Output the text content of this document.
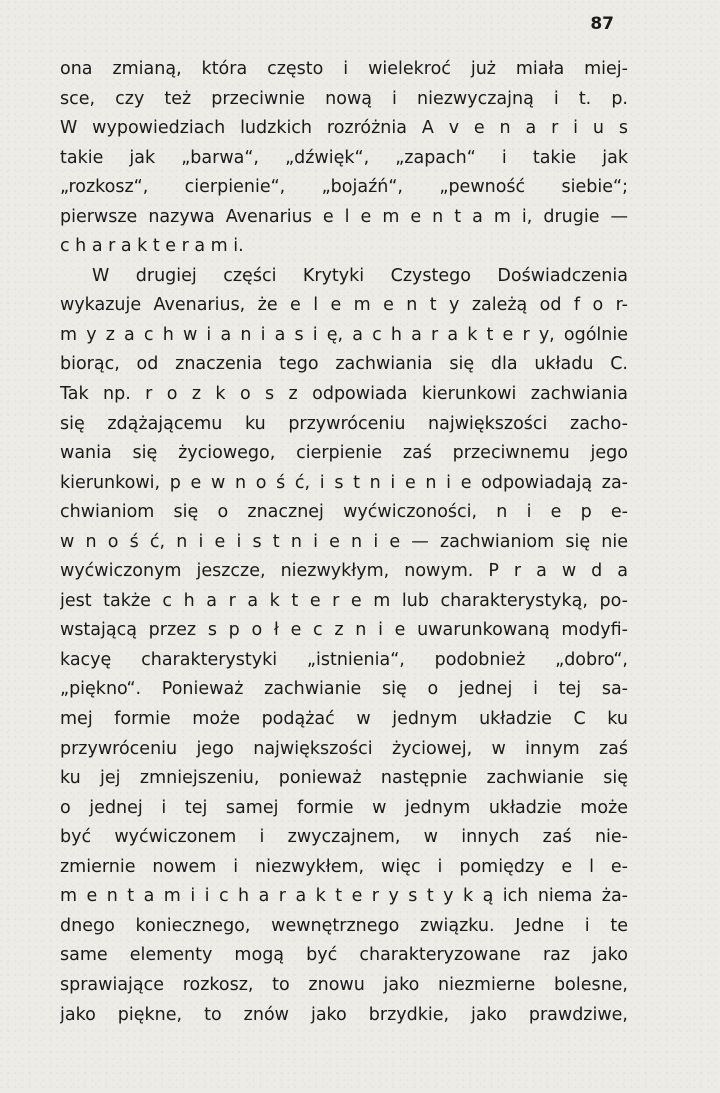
87
ona zmianą, która często i wielekroć już miała miej-
sce, czy też przeciwnie nową i niezwyczajną i t. p.
W wypowiedziach ludzkich rozróżnia A v e n a r i u s
takie jak „barwa“, „dźwięk“, „zapach“ i takie jak
„rozkosz“, cierpienie“, „bojaźń“, „pewność siebie“;
pierwsze nazywa Avenarius e l e m e n t a m i, drugie —
c h a r a k t e r a m i.
W drugiej części Krytyki Czystego Doświadczenia
wykazuje Avenarius, że e l e m e n t y zależą od f o r-
m y z a c h w i a n i a s i ę, a c h a r a k t e r y, ogólnie
biorąc, od znaczenia tego zachwiania się dla układu C.
Tak np. r o z k o s z odpowiada kierunkowi zachwiania
się zdążającemu ku przywróceniu największości zacho-
wania się życiowego, cierpienie zaś przeciwnemu jego
kierunkowi, p e w n o ś ć, i s t n i e n i e odpowiadają za-
chwianiom się o znacznej wyćwiczoności, n i e p e-
w n o ś ć, n i e i s t n i e n i e — zachwianiom się nie
wyćwiczonym jeszcze, niezwykłym, nowym. P r a w d a
jest także c h a r a k t e r e m lub charakterystyką, po-
wstającą przez s p o ł e c z n i e uwarunkowaną modyfi-
kacyę charakterystyki „istnienia“, podobnież „dobro“,
„piękno“. Ponieważ zachwianie się o jednej i tej sa-
mej formie może podążać w jednym układzie C ku
przywróceniu jego największości życiowej, w innym zaś
ku jej zmniejszeniu, ponieważ następnie zachwianie się
o jednej i tej samej formie w jednym układzie może
być wyćwiczonem i zwyczajnem, w innych zaś nie-
zmiernie nowem i niezwykłem, więc i pomiędzy e l e-
m e n t a m i i c h a r a k t e r y s t y k ą ich niema ża-
dnego koniecznego, wewnętrznego związku. Jedne i te
same elementy mogą być charakteryzowane raz jako
sprawiające rozkosz, to znowu jako niezmierne bolesne,
jako piękne, to znów jako brzydkie, jako prawdziwe,
